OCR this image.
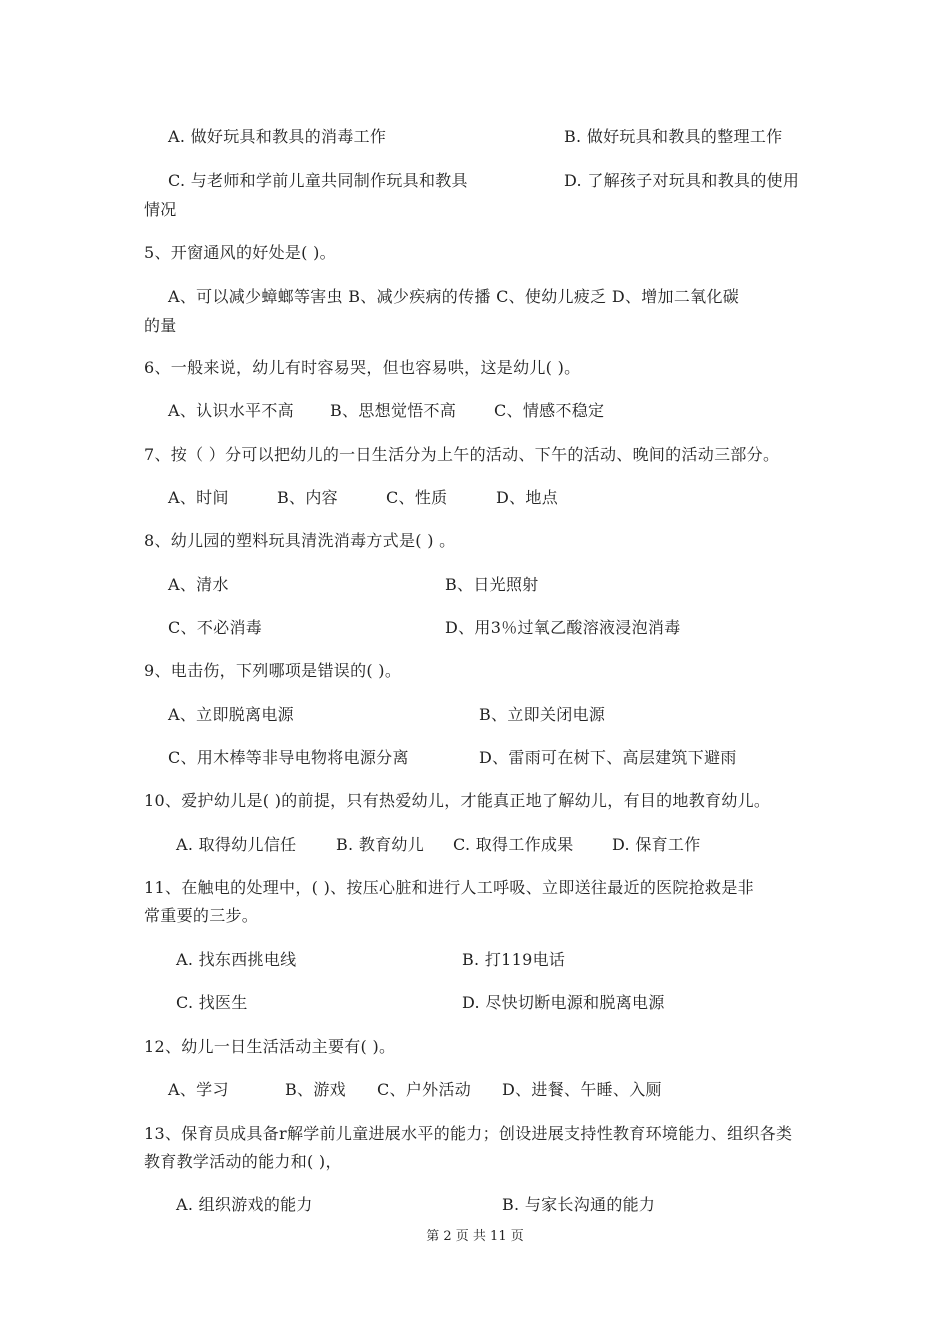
A. 做好玩具和教具的消毒工作	B. 做好玩具和教具的整理工作
C. 与老师和学前儿童共同制作玩具和教具	D. 了解孩子对玩具和教具的使用
情况
5、开窗通风的好处是( )。
A、可以减少蟑螂等害虫 B、减少疾病的传播 C、使幼儿疲乏 D、增加二氧化碳
的量
6、一般来说，幼儿有时容易哭，但也容易哄，这是幼儿( )。
A、认识水平不高 B、思想觉悟不高 C、情感不稳定
7、按（ ）分可以把幼儿的一日生活分为上午的活动、下午的活动、晚间的活动三部分。
A、时间	B、内容	C、性质	D、地点
8、幼儿园的塑料玩具清洗消毒方式是( ) 。
A、清水	B、日光照射
C、不必消毒	D、用3％过氧乙酸溶液浸泡消毒
9、电击伤，下列哪项是错误的( )。
A、立即脱离电源	B、立即关闭电源
C、用木棒等非导电物将电源分离	D、雷雨可在树下、高层建筑下避雨
10、爱护幼儿是( )的前提，只有热爱幼儿，才能真正地了解幼儿，有目的地教育幼儿。
A. 取得幼儿信任 B. 教育幼儿 C. 取得工作成果 D. 保育工作
11、在触电的处理中，( )、按压心脏和进行人工呼吸、立即送往最近的医院抢救是非
常重要的三步。
A. 找东西挑电线	B. 打119电话
C. 找医生	D. 尽快切断电源和脱离电源
12、幼儿一日生活活动主要有( )。
A、学习	B、游戏 C、户外活动 D、进餐、午睡、入厕
13、保育员成具备r解学前儿童进展水平的能力；创设进展支持性教育环境能力、组织各类
教育教学活动的能力和( )，
A. 组织游戏的能力	B. 与家长沟通的能力
第 2 页 共 11 页
